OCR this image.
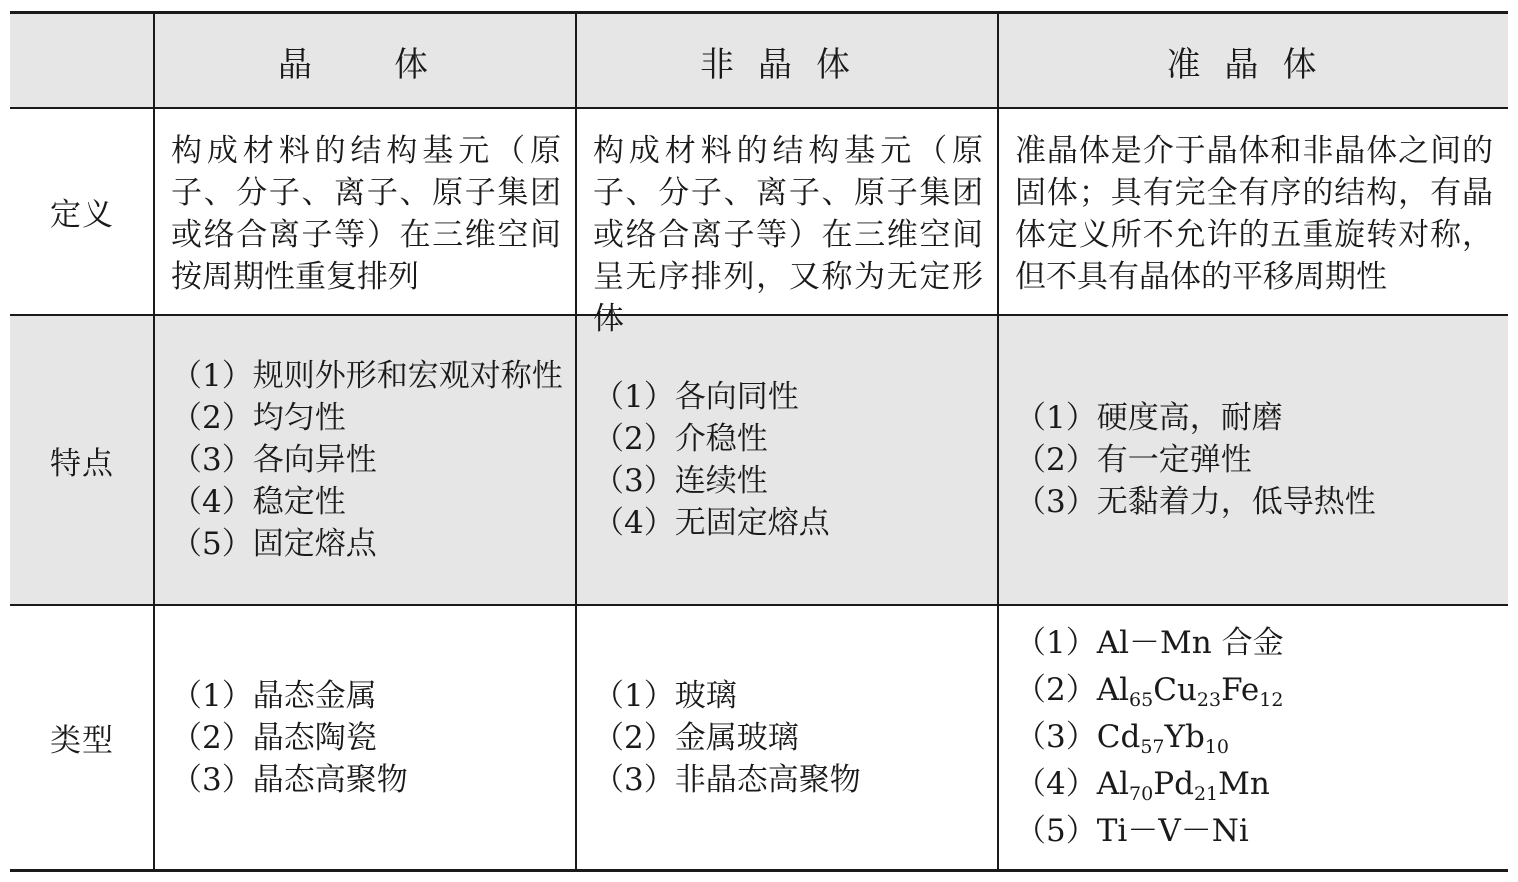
晶　体	非晶体	准晶体
定义
构成材料的结构基元（原子、分子、离子、原子集团或络合离子等）在三维空间按周期性重复排列
构成材料的结构基元（原子、分子、离子、原子集团或络合离子等）在三维空间呈无序排列，又称为无定形体
准晶体是介于晶体和非晶体之间的固体；具有完全有序的结构，有晶体定义所不允许的五重旋转对称，但不具有晶体的平移周期性
特点
（1） 规则外形和宏观对称性
（2） 均匀性
（3） 各向异性
（4） 稳定性
（5） 固定熔点
（1） 各向同性
（2） 介稳性
（3） 连续性
（4） 无固定熔点
（1） 硬度高，耐磨
（2） 有一定弹性
（3） 无黏着力，低导热性
类型
（1） 晶态金属
（2） 晶态陶瓷
（3） 晶态高聚物
（1） 玻璃
（2） 金属玻璃
（3） 非晶态高聚物
（1） Al－Mn 合金
（2） $Al_{65}Cu_{23}Fe_{12}$
（3） $Cd_{57}Yb_{10}$
（4） $Al_{70}Pd_{21}Mn$
（5） Ti－V－Ni
